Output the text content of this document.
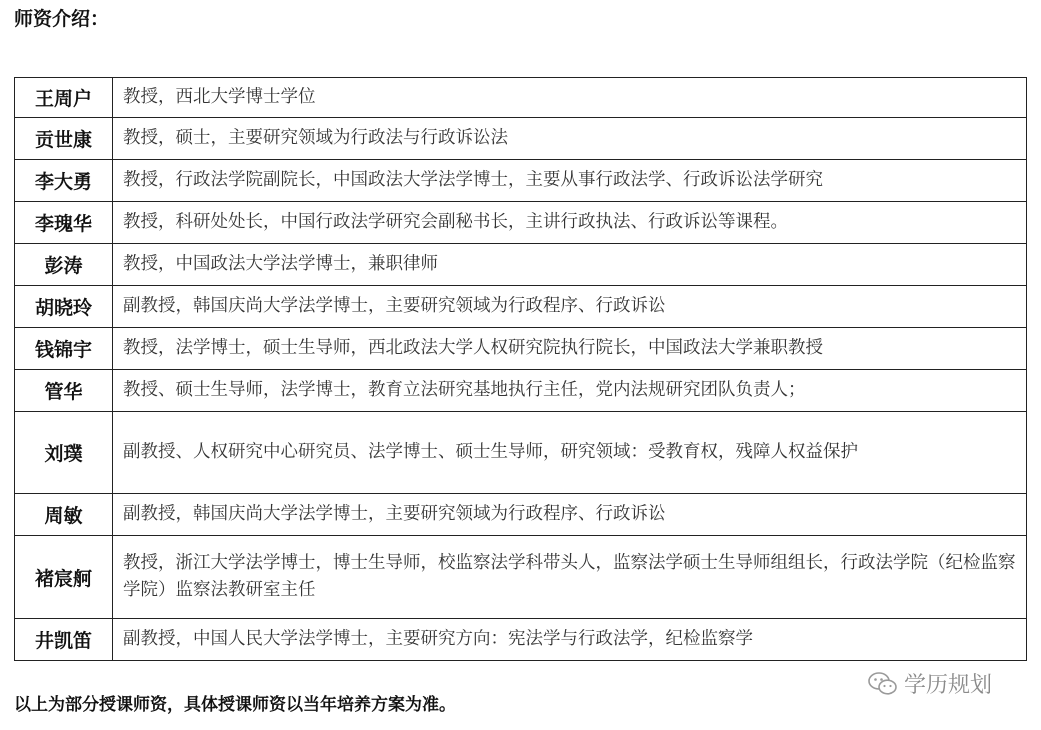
师资介绍：
王周户	教授，西北大学博士学位
贡世康	教授，硕士，主要研究领域为行政法与行政诉讼法
李大勇	教授，行政法学院副院长，中国政法大学法学博士，主要从事行政法学、行政诉讼法学研究
李瑰华	教授，科研处处长，中国行政法学研究会副秘书长，主讲行政执法、行政诉讼等课程。
彭涛	教授，中国政法大学法学博士，兼职律师
胡晓玲	副教授，韩国庆尚大学法学博士，主要研究领域为行政程序、行政诉讼
钱锦宇	教授，法学博士，硕士生导师，西北政法大学人权研究院执行院长，中国政法大学兼职教授
管华	教授、硕士生导师，法学博士，教育立法研究基地执行主任，党内法规研究团队负责人；
刘璞	副教授、人权研究中心研究员、法学博士、硕士生导师，研究领域：受教育权，残障人权益保护
周敏	副教授，韩国庆尚大学法学博士，主要研究领域为行政程序、行政诉讼
褚宸舸	教授，浙江大学法学博士，博士生导师，校监察法学科带头人，监察法学硕士生导师组组长，行政法学院（纪检监察学院）监察法教研室主任
井凯笛	副教授，中国人民大学法学博士，主要研究方向：宪法学与行政法学，纪检监察学
以上为部分授课师资，具体授课师资以当年培养方案为准。
学历规划
